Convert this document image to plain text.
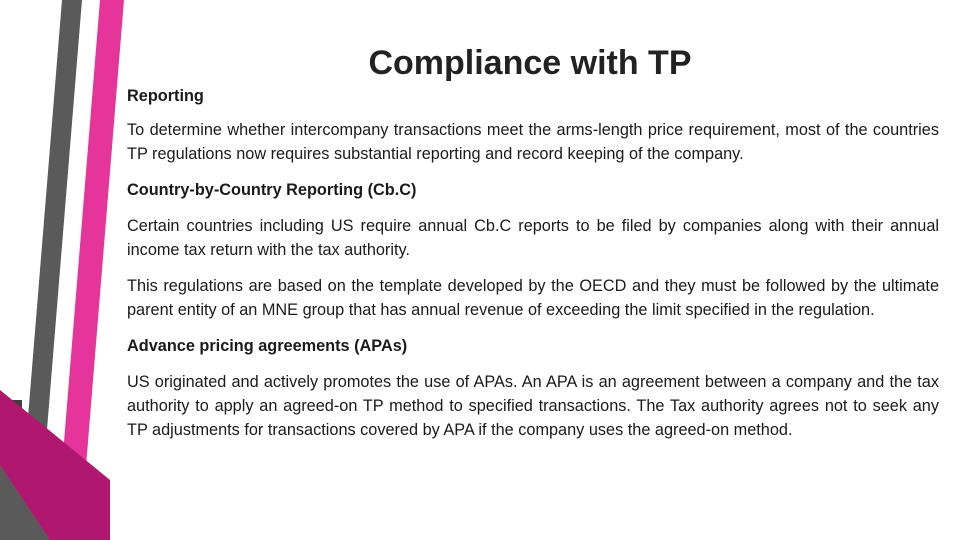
Compliance with TP

Reporting

To determine whether intercompany transactions meet the arms-length price requirement, most of the countries TP regulations now requires substantial reporting and record keeping of the company.

Country-by-Country Reporting (Cb.C)

Certain countries including US require annual Cb.C reports to be filed by companies along with their annual income tax return with the tax authority.

This regulations are based on the template developed by the OECD and they must be followed by the ultimate parent entity of an MNE group that has annual revenue of exceeding the limit specified in the regulation.

Advance pricing agreements (APAs)

US originated and actively promotes the use of APAs. An APA is an agreement between a company and the tax authority to apply an agreed-on TP method to specified transactions. The Tax authority agrees not to seek any TP adjustments for transactions covered by APA if the company uses the agreed-on method.
